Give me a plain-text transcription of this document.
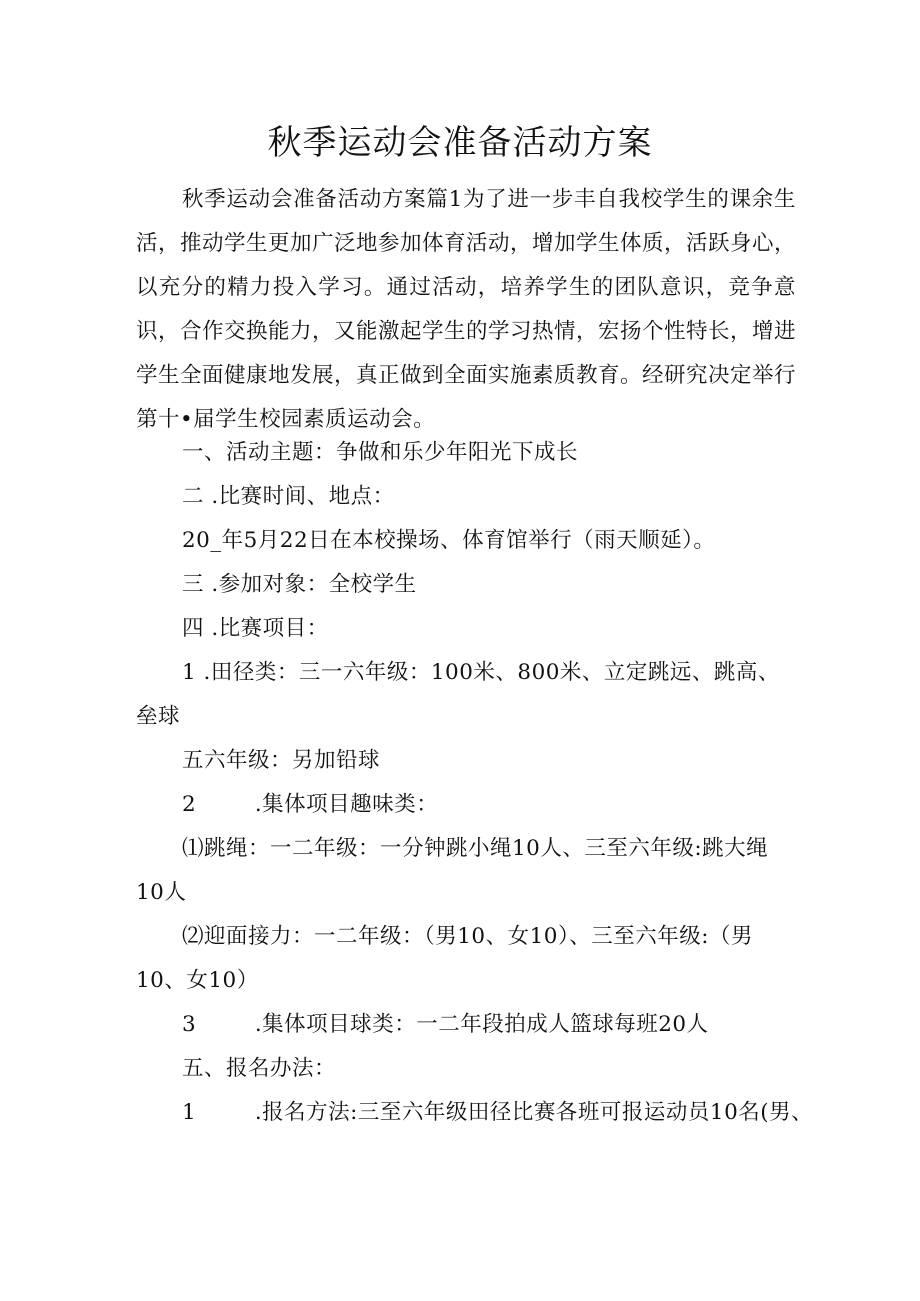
秋季运动会准备活动方案
秋季运动会准备活动方案篇1为了进一步丰自我校学生的课余生活，推动学生更加广泛地参加体育活动，增加学生体质，活跃身心，以充分的精力投入学习。通过活动，培养学生的团队意识，竞争意识，合作交换能力，又能激起学生的学习热情，宏扬个性特长，增进学生全面健康地发展，真正做到全面实施素质教育。经研究决定举行第十•届学生校园素质运动会。
一、活动主题：争做和乐少年阳光下成长
二 .比赛时间、地点：
20_年5月22日在本校操场、体育馆举行（雨天顺延）。
三 .参加对象：全校学生
四 .比赛项目：
1 .田径类：三一六年级：100米、800米、立定跳远、跳高、垒球
五六年级：另加铅球
2        .集体项目趣味类：
⑴跳绳：一二年级：一分钟跳小绳10人、三至六年级:跳大绳10人
⑵迎面接力：一二年级：（男10、女10）、三至六年级:（男10、女10）
3        .集体项目球类：一二年段拍成人篮球每班20人
五、报名办法：
1        .报名方法:三至六年级田径比赛各班可报运动员10名(男、
